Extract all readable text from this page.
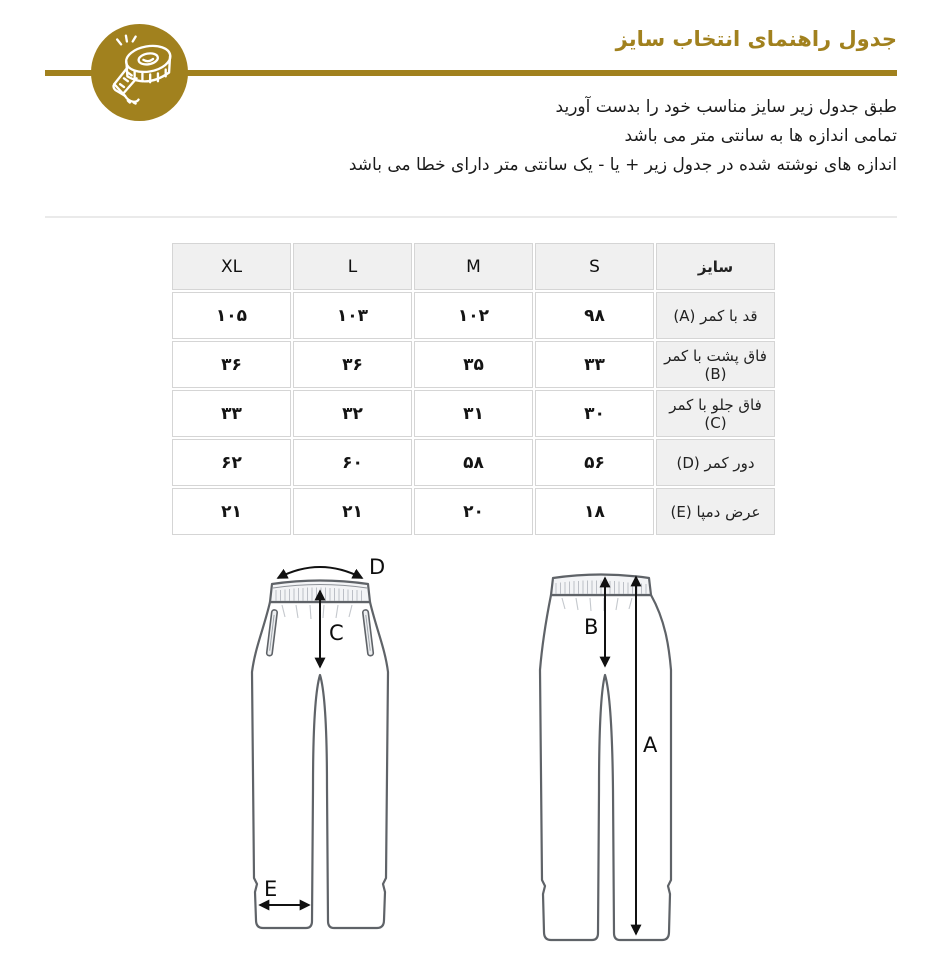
جدول راهنمای انتخاب سایز
طبق جدول زیر سایز مناسب خود را بدست آورید
تمامی اندازه ها به سانتی متر می باشد
اندازه های نوشته شده در جدول زیر + یا - یک سانتی متر دارای خطا می باشد
سایز	S	M	L	XL
قد با کمر (A)	۹۸	۱۰۲	۱۰۳	۱۰۵
فاق پشت با کمر (B)	۳۳	۳۵	۳۶	۳۶
فاق جلو با کمر (C)	۳۰	۳۱	۳۲	۳۳
دور کمر (D)	۵۶	۵۸	۶۰	۶۲
عرض دمپا (E)	۱۸	۲۰	۲۱	۲۱
D
C
E
B
A
